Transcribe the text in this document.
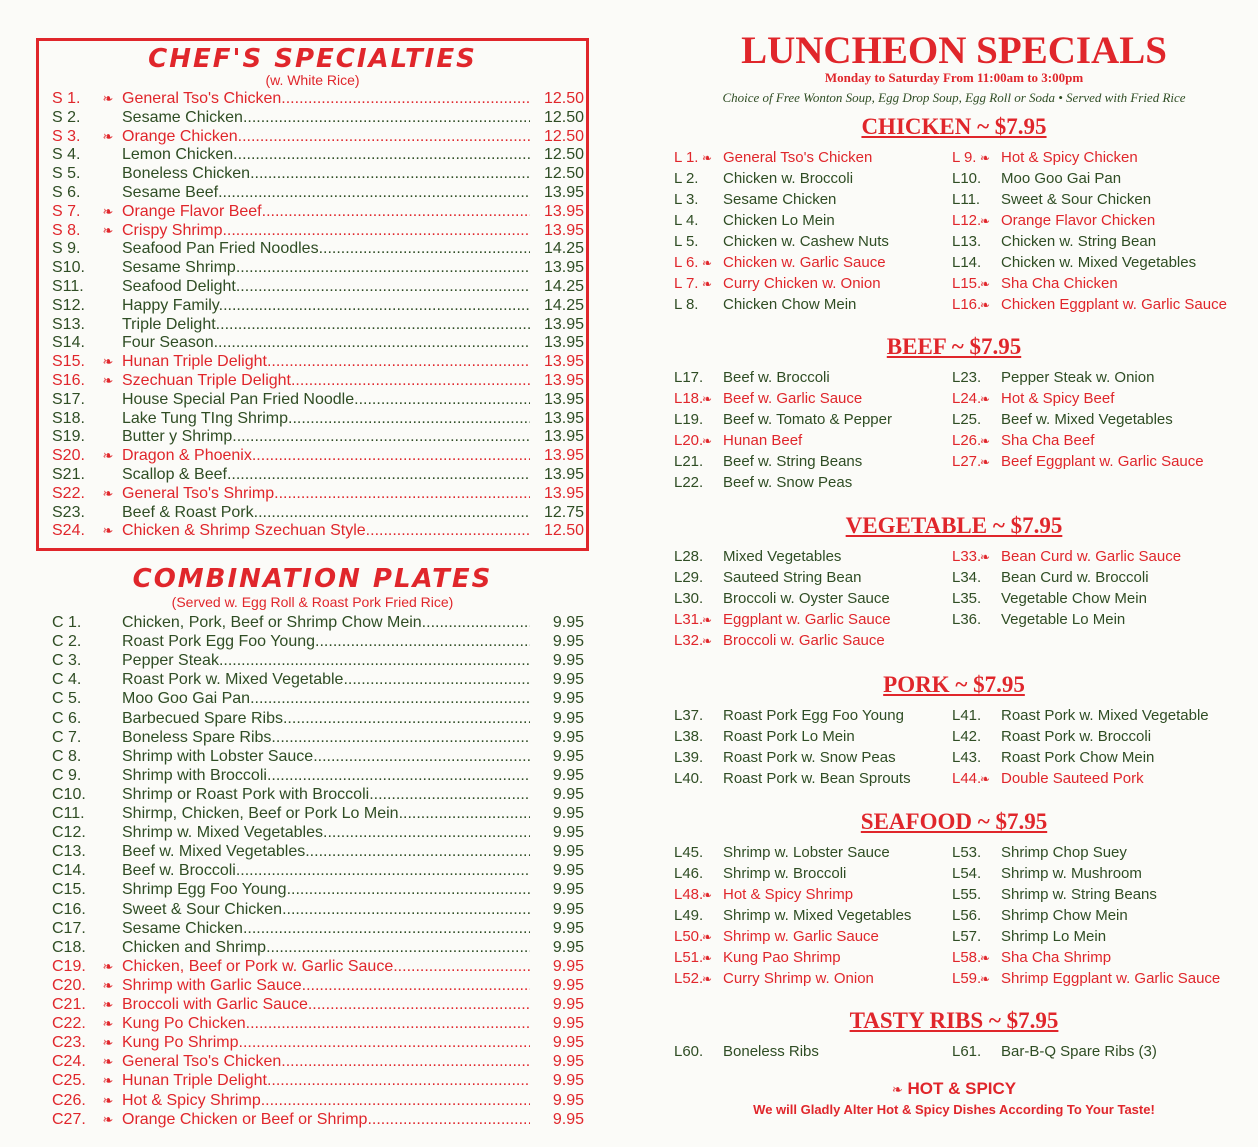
CHEF'S SPECIALTIES

(w. White Rice)

S 1.	❧ General Tso's Chicken .....	12.50
S 2.	Sesame Chicken .....	12.50
S 3.	❧ Orange Chicken .....	12.50
S 4.	Lemon Chicken .....	12.50
S 5.	Boneless Chicken .....	12.50
S 6.	Sesame Beef .....	13.95
S 7.	❧ Orange Flavor Beef .....	13.95
S 8.	❧ Crispy Shrimp .....	13.95
S 9.	Seafood Pan Fried Noodles .....	14.25
S10.	Sesame Shrimp .....	13.95
S11.	Seafood Delight .....	14.25
S12.	Happy Family .....	14.25
S13.	Triple Delight .....	13.95
S14.	Four Season .....	13.95
S15.	❧ Hunan Triple Delight .....	13.95
S16.	❧ Szechuan Triple Delight .....	13.95
S17.	House Special Pan Fried Noodle .....	13.95
S18.	Lake Tung TIng Shrimp .....	13.95
S19.	Butter y Shrimp .....	13.95
S20.	❧ Dragon & Phoenix .....	13.95
S21.	Scallop & Beef .....	13.95
S22.	❧ General Tso's Shrimp .....	13.95
S23.	Beef & Roast Pork .....	12.75
S24.	❧ Chicken & Shrimp Szechuan Style .....	12.50

COMBINATION PLATES

(Served w. Egg Roll & Roast Pork Fried Rice)

C 1.	Chicken, Pork, Beef or Shrimp Chow Mein .....	9.95
C 2.	Roast Pork Egg Foo Young .....	9.95
C 3.	Pepper Steak .....	9.95
C 4.	Roast Pork w. Mixed Vegetable .....	9.95
C 5.	Moo Goo Gai Pan .....	9.95
C 6.	Barbecued Spare Ribs .....	9.95
C 7.	Boneless Spare Ribs .....	9.95
C 8.	Shrimp with Lobster Sauce .....	9.95
C 9.	Shrimp with Broccoli .....	9.95
C10.	Shrimp or Roast Pork with Broccoli .....	9.95
C11.	Shirmp, Chicken, Beef or Pork Lo Mein .....	9.95
C12.	Shrimp w. Mixed Vegetables .....	9.95
C13.	Beef w. Mixed Vegetables .....	9.95
C14.	Beef w. Broccoli .....	9.95
C15.	Shrimp Egg Foo Young .....	9.95
C16.	Sweet & Sour Chicken .....	9.95
C17.	Sesame Chicken .....	9.95
C18.	Chicken and Shrimp .....	9.95
C19.	❧ Chicken, Beef or Pork w. Garlic Sauce .....	9.95
C20.	❧ Shrimp with Garlic Sauce .....	9.95
C21.	❧ Broccoli with Garlic Sauce .....	9.95
C22.	❧ Kung Po Chicken .....	9.95
C23.	❧ Kung Po Shrimp .....	9.95
C24.	❧ General Tso's Chicken .....	9.95
C25.	❧ Hunan Triple Delight .....	9.95
C26.	❧ Hot & Spicy Shrimp .....	9.95
C27.	❧ Orange Chicken or Beef or Shrimp .....	9.95

LUNCHEON SPECIALS

Monday to Saturday From 11:00am to 3:00pm

Choice of Free Wonton Soup, Egg Drop Soup, Egg Roll or Soda • Served with Fried Rice

CHICKEN ~ $7.95

L 1. ❧ General Tso's Chicken
L 2. Chicken w. Broccoli
L 3. Sesame Chicken
L 4. Chicken Lo Mein
L 5. Chicken w. Cashew Nuts
L 6. ❧ Chicken w. Garlic Sauce
L 7. ❧ Curry Chicken w. Onion
L 8. Chicken Chow Mein
L 9. ❧ Hot & Spicy Chicken
L10. Moo Goo Gai Pan
L11. Sweet & Sour Chicken
L12.
❧ Orange Flavor Chicken
L13. Chicken w. String Bean
L14. Chicken w. Mixed Vegetables
L15.
❧ Sha Cha Chicken
L16.
❧ Chicken Eggplant w. Garlic Sauce

BEEF ~ $7.95

L17. Beef w. Broccoli
L18.
❧ Beef w. Garlic Sauce
L19. Beef w. Tomato & Pepper
L20.
❧ Hunan Beef
L21. Beef w. String Beans
L22. Beef w. Snow Peas
L23. Pepper Steak w. Onion
L24.
❧ Hot & Spicy Beef
L25. Beef w. Mixed Vegetables
L26.
❧ Sha Cha Beef
L27.
❧ Beef Eggplant w. Garlic Sauce

VEGETABLE ~ $7.95

L28. Mixed Vegetables
L29. Sauteed String Bean
L30. Broccoli w. Oyster Sauce
L31.
❧ Eggplant w. Garlic Sauce
L32.
❧ Broccoli w. Garlic Sauce
L33.
❧ Bean Curd w. Garlic Sauce
L34. Bean Curd w. Broccoli
L35. Vegetable Chow Mein
L36. Vegetable Lo Mein

PORK ~ $7.95

L37. Roast Pork Egg Foo Young
L38. Roast Pork Lo Mein
L39. Roast Pork w. Snow Peas
L40. Roast Pork w. Bean Sprouts
L41. Roast Pork w. Mixed Vegetable
L42. Roast Pork w. Broccoli
L43. Roast Pork Chow Mein
L44.
❧ Double Sauteed Pork

SEAFOOD ~ $7.95

L45. Shrimp w. Lobster Sauce
L46. Shrimp w. Broccoli
L48.
❧ Hot & Spicy Shrimp
L49. Shrimp w. Mixed Vegetables
L50.
❧ Shrimp w. Garlic Sauce
L51.
❧ Kung Pao Shrimp
L52.
❧ Curry Shrimp w. Onion
L53. Shrimp Chop Suey
L54. Shrimp w. Mushroom
L55. Shrimp w. String Beans
L56. Shrimp Chow Mein
L57. Shrimp Lo Mein
L58.
❧ Sha Cha Shrimp
L59.
❧ Shrimp Eggplant w. Garlic Sauce

TASTY RIBS ~ $7.95

L60. Boneless Ribs	L61. Bar-B-Q Spare Ribs (3)

❧ HOT & SPICY

We will Gladly Alter Hot & Spicy Dishes According To Your Taste!
